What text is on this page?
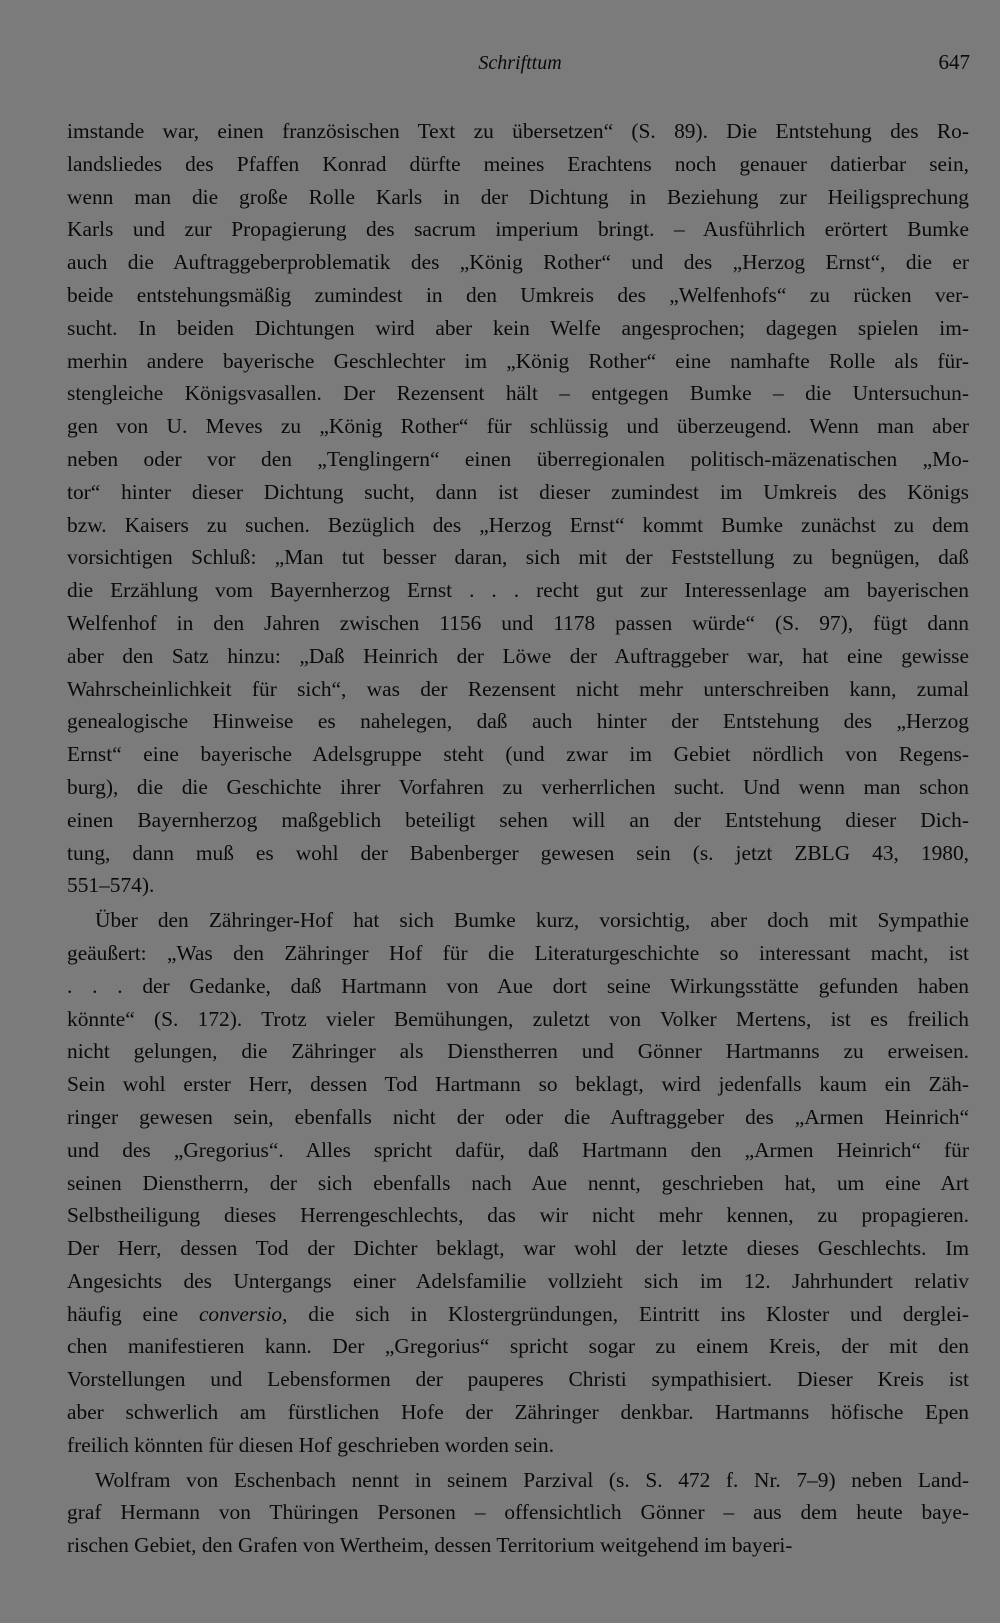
Schrifttum	647
imstande war, einen französischen Text zu übersetzen“ (S. 89). Die Entstehung des Ro-
landsliedes des Pfaffen Konrad dürfte meines Erachtens noch genauer datierbar sein,
wenn man die große Rolle Karls in der Dichtung in Beziehung zur Heiligsprechung
Karls und zur Propagierung des sacrum imperium bringt. – Ausführlich erörtert Bumke
auch die Auftraggeberproblematik des „König Rother“ und des „Herzog Ernst“, die er
beide entstehungsmäßig zumindest in den Umkreis des „Welfenhofs“ zu rücken ver-
sucht. In beiden Dichtungen wird aber kein Welfe angesprochen; dagegen spielen im-
merhin andere bayerische Geschlechter im „König Rother“ eine namhafte Rolle als für-
stengleiche Königsvasallen. Der Rezensent hält – entgegen Bumke – die Untersuchun-
gen von U. Meves zu „König Rother“ für schlüssig und überzeugend. Wenn man aber
neben oder vor den „Tenglingern“ einen überregionalen politisch-mäzenatischen „Mo-
tor“ hinter dieser Dichtung sucht, dann ist dieser zumindest im Umkreis des Königs
bzw. Kaisers zu suchen. Bezüglich des „Herzog Ernst“ kommt Bumke zunächst zu dem
vorsichtigen Schluß: „Man tut besser daran, sich mit der Feststellung zu begnügen, daß
die Erzählung vom Bayernherzog Ernst . . . recht gut zur Interessenlage am bayerischen
Welfenhof in den Jahren zwischen 1156 und 1178 passen würde“ (S. 97), fügt dann
aber den Satz hinzu: „Daß Heinrich der Löwe der Auftraggeber war, hat eine gewisse
Wahrscheinlichkeit für sich“, was der Rezensent nicht mehr unterschreiben kann, zumal
genealogische Hinweise es nahelegen, daß auch hinter der Entstehung des „Herzog
Ernst“ eine bayerische Adelsgruppe steht (und zwar im Gebiet nördlich von Regens-
burg), die die Geschichte ihrer Vorfahren zu verherrlichen sucht. Und wenn man schon
einen Bayernherzog maßgeblich beteiligt sehen will an der Entstehung dieser Dich-
tung, dann muß es wohl der Babenberger gewesen sein (s. jetzt ZBLG 43, 1980,
551–574).
Über den Zähringer-Hof hat sich Bumke kurz, vorsichtig, aber doch mit Sympathie
geäußert: „Was den Zähringer Hof für die Literaturgeschichte so interessant macht, ist
. . . der Gedanke, daß Hartmann von Aue dort seine Wirkungsstätte gefunden haben
könnte“ (S. 172). Trotz vieler Bemühungen, zuletzt von Volker Mertens, ist es freilich
nicht gelungen, die Zähringer als Dienstherren und Gönner Hartmanns zu erweisen.
Sein wohl erster Herr, dessen Tod Hartmann so beklagt, wird jedenfalls kaum ein Zäh-
ringer gewesen sein, ebenfalls nicht der oder die Auftraggeber des „Armen Heinrich“
und des „Gregorius“. Alles spricht dafür, daß Hartmann den „Armen Heinrich“ für
seinen Dienstherrn, der sich ebenfalls nach Aue nennt, geschrieben hat, um eine Art
Selbstheiligung dieses Herrengeschlechts, das wir nicht mehr kennen, zu propagieren.
Der Herr, dessen Tod der Dichter beklagt, war wohl der letzte dieses Geschlechts. Im
Angesichts des Untergangs einer Adelsfamilie vollzieht sich im 12. Jahrhundert relativ
häufig eine conversio, die sich in Klostergründungen, Eintritt ins Kloster und derglei-
chen manifestieren kann. Der „Gregorius“ spricht sogar zu einem Kreis, der mit den
Vorstellungen und Lebensformen der pauperes Christi sympathisiert. Dieser Kreis ist
aber schwerlich am fürstlichen Hofe der Zähringer denkbar. Hartmanns höfische Epen
freilich könnten für diesen Hof geschrieben worden sein.
Wolfram von Eschenbach nennt in seinem Parzival (s. S. 472 f. Nr. 7–9) neben Land-
graf Hermann von Thüringen Personen – offensichtlich Gönner – aus dem heute baye-
rischen Gebiet, den Grafen von Wertheim, dessen Territorium weitgehend im bayeri-
